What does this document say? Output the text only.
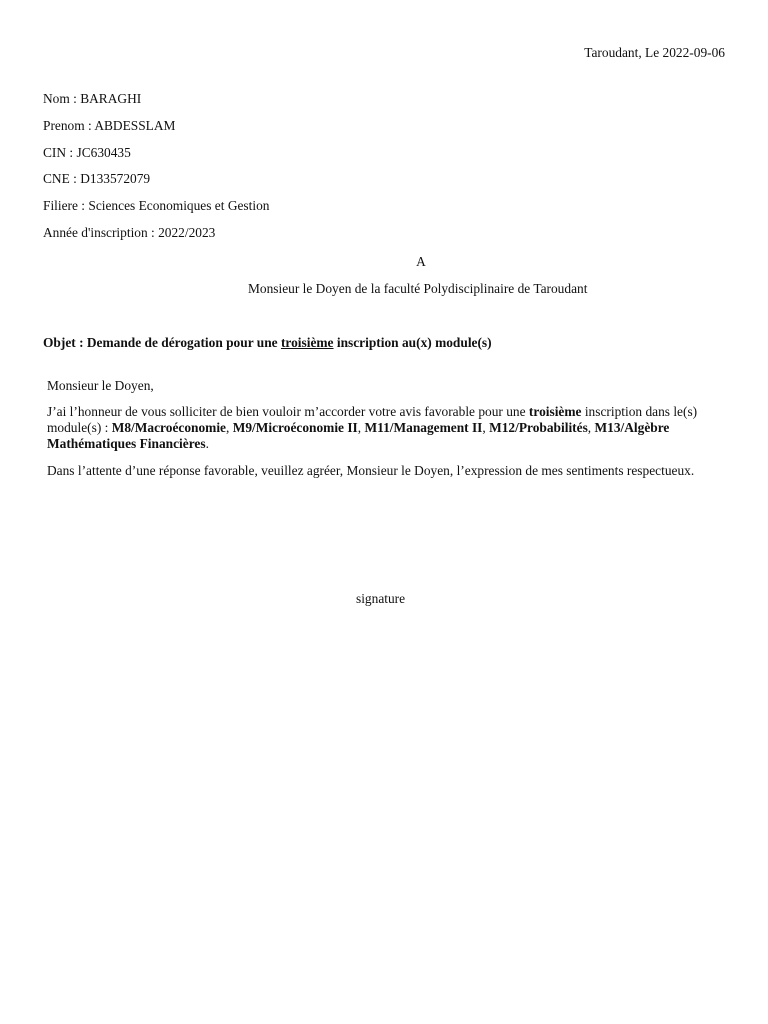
Taroudant, Le 2022-09-06
Nom : BARAGHI
Prenom : ABDESSLAM
CIN : JC630435
CNE : D133572079
Filiere : Sciences Economiques et Gestion
Année d'inscription : 2022/2023
A
Monsieur le Doyen de la faculté Polydisciplinaire de Taroudant
Objet : Demande de dérogation pour une troisième inscription au(x) module(s)
Monsieur le Doyen,
J’ai l’honneur de vous solliciter de bien vouloir m’accorder votre avis favorable pour une troisième inscription dans le(s) module(s) : M8/Macroéconomie, M9/Microéconomie II, M11/Management II, M12/Probabilités, M13/Algèbre Mathématiques Financières.
Dans l’attente d’une réponse favorable, veuillez agréer, Monsieur le Doyen, l’expression de mes sentiments respectueux.
signature
